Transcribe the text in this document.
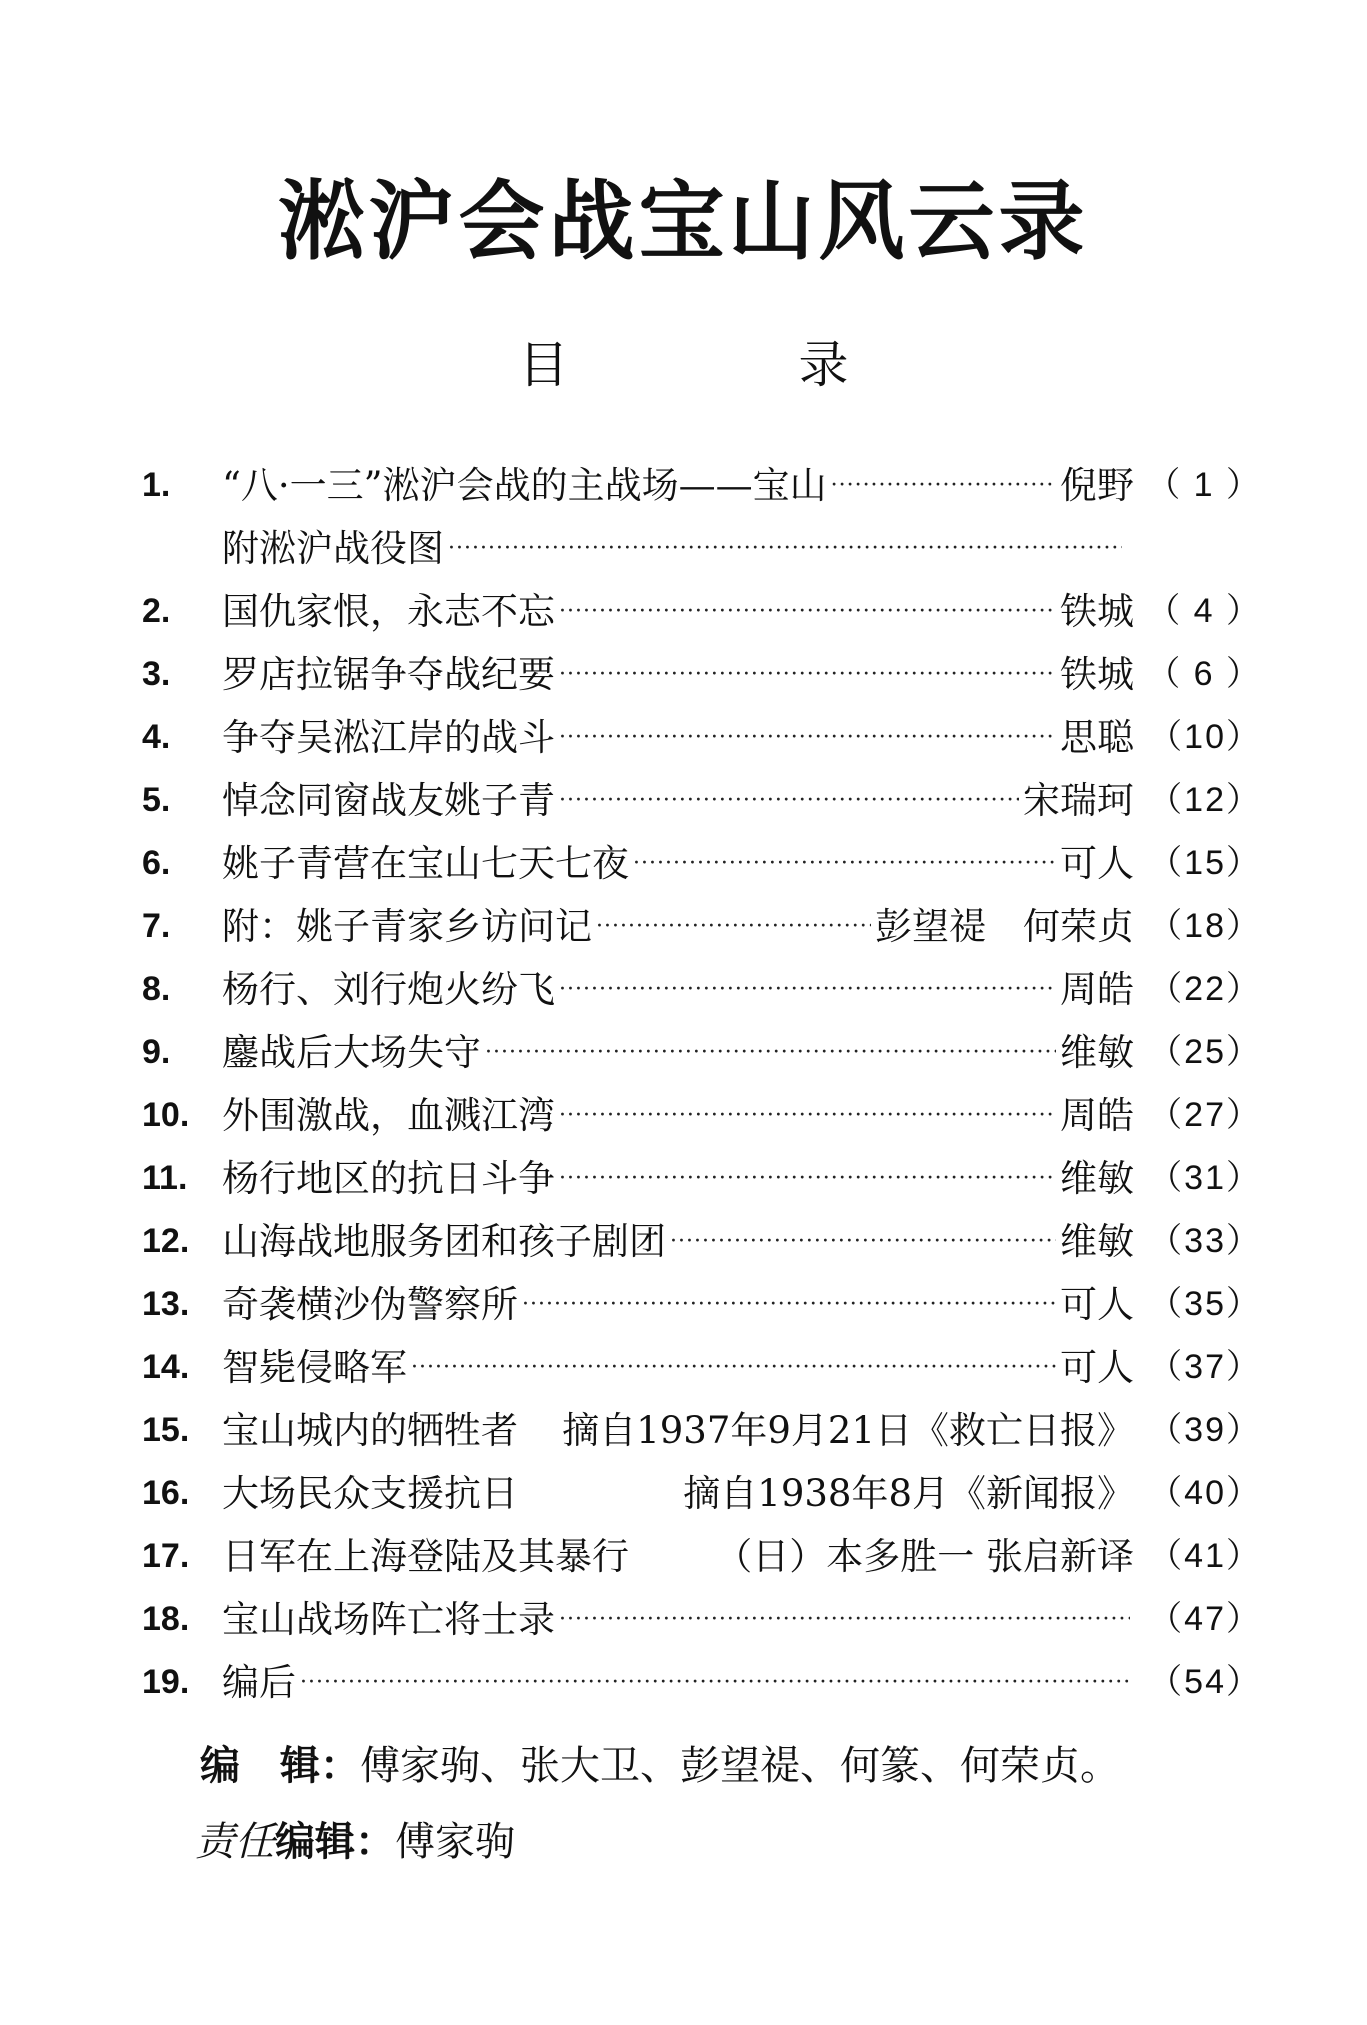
淞沪会战宝山风云录
目	录
1.	“八·一三”淞沪会战的主战场——宝山 ·····	倪野 （ 1 ）
附淞沪战役图
·····
2.	国仇家恨，永志不忘 ·····	铁城 （ 4 ）
3.	罗店拉锯争夺战纪要 ·····	铁城 （ 6 ）
4.	争夺吴淞江岸的战斗 ·····	思聪 （10）
5.	悼念同窗战友姚子青 ·····	宋瑞珂 （12）
6.	姚子青营在宝山七天七夜 ·····	可人 （15）
7.	附：姚子青家乡访问记 ·····	彭望禔　何荣贞 （18）
8.	杨行、刘行炮火纷飞 ·····	周皓 （22）
9.	鏖战后大场失守 ·····	维敏 （25）
10. 外围激战，血溅江湾 ·····	周皓 （27）
11. 杨行地区的抗日斗争 ·····	维敏 （31）
12. 山海战地服务团和孩子剧团 ·····	维敏 （33）
13. 奇袭横沙伪警察所 ·····	可人 （35）
14. 智毙侵略军 ·····	可人 （37）
15. 宝山城内的牺牲者 摘自1937年9月21日《救亡日报》 （39）
16. 大场民众支援抗日	摘自1938年8月《新闻报》 （40）
17. 日军在上海登陆及其暴行 （日）本多胜一 张启新译 （41）
18. 宝山战场阵亡将士录 ·····	（47）
19. 编后 ·····	（54）
编　辑：傅家驹、张大卫、彭望禔、何篆、何荣贞。
责任编辑：傅家驹
